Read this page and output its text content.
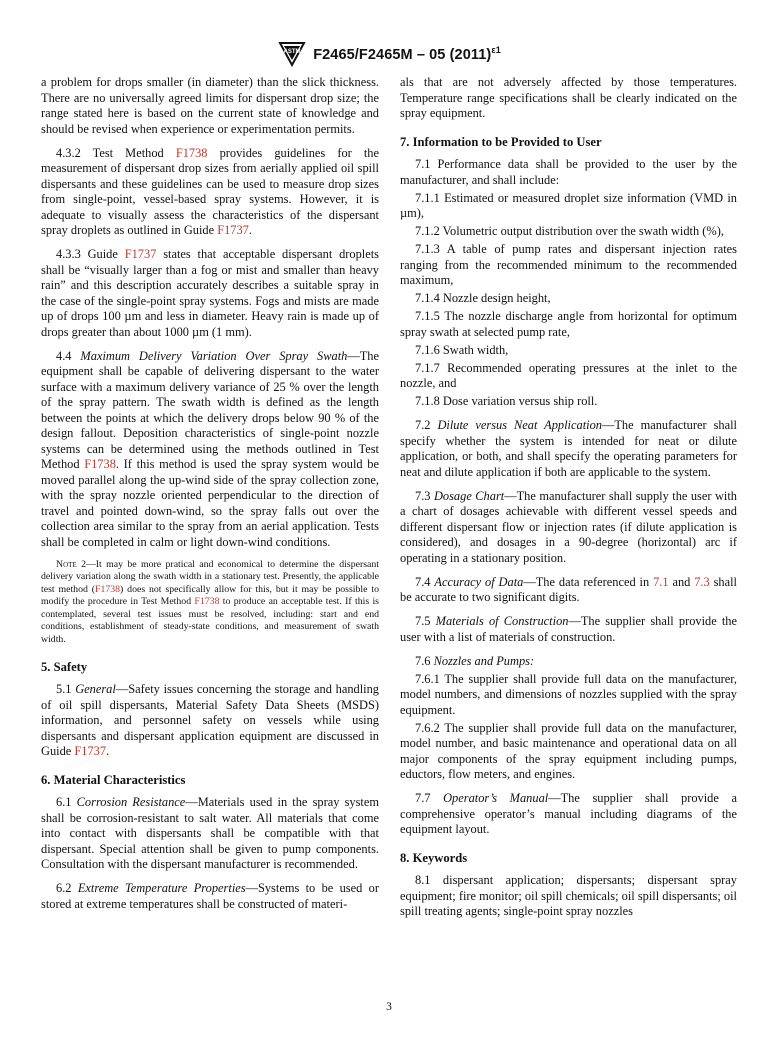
ASTM F2465/F2465M – 05 $(2011)^{\varepsilon 1}$

a problem for drops smaller (in diameter) than the slick thickness. There are no universally agreed limits for dispersant drop size; the range stated here is based on the current state of knowledge and should be revised when experience or experimentation permits.

4.3.2 Test Method F1738 provides guidelines for the measurement of dispersant drop sizes from aerially applied oil spill dispersants and these guidelines can be used to measure drop sizes from single-point, vessel-based spray systems. However, it is adequate to visually assess the characteristics of the dispersant spray droplets as outlined in Guide F1737.

4.3.3 Guide F1737 states that acceptable dispersant droplets shall be “visually larger than a fog or mist and smaller than heavy rain” and this description accurately describes a suitable spray in the case of the single-point spray systems. Fogs and mists are made up of drops 100 µm and less in diameter. Heavy rain is made up of drops greater than about 1000 µm (1 mm).

4.4 Maximum Delivery Variation Over Spray Swath—The equipment shall be capable of delivering dispersant to the water surface with a maximum delivery variance of 25 % over the length of the spray pattern. The swath width is defined as the length between the points at which the delivery drops below 90 % of the design fallout. Deposition characteristics of single-point nozzle systems can be determined using the methods outlined in Test Method F1738. If this method is used the spray system would be moved parallel along the up-wind side of the spray collection zone, with the spray nozzle oriented perpendicular to the direction of travel and pointed down-wind, so the spray falls out over the collection area similar to the spray from an aerial application. Tests shall be completed in calm or light down-wind conditions.

Note 2—It may be more pratical and economical to determine the dispersant delivery variation along the swath width in a stationary test. Presently, the applicable test method (F1738) does not specifically allow for this, but it may be possible to modify the procedure in Test Method F1738 to produce an acceptable test. If this is contemplated, several test issues must be resolved, including: start and end conditions, establishment of steady-state conditions, and measurement of swath width.
5. Safety

5.1 General—Safety issues concerning the storage and handling of oil spill dispersants, Material Safety Data Sheets (MSDS) information, and personnel safety on vessels while using dispersants and dispersant application equipment are discussed in Guide F1737.

6. Material Characteristics

6.1 Corrosion Resistance—Materials used in the spray system shall be corrosion-resistant to salt water. All materials that come into contact with dispersants shall be compatible with that dispersant. Special attention shall be given to pump components. Consultation with the dispersant manufacturer is recommended.

6.2 Extreme Temperature Properties—Systems to be used or stored at extreme temperatures shall be constructed of materi-

als that are not adversely affected by those temperatures. Temperature range specifications shall be clearly indicated on the spray equipment.

7. Information to be Provided to User

7.1 Performance data shall be provided to the user by the manufacturer, and shall include:

7.1.1 Estimated or measured droplet size information (VMD in µm),

7.1.2 Volumetric output distribution over the swath width (%),

7.1.3 A table of pump rates and dispersant injection rates ranging from the recommended minimum to the recommended maximum,

7.1.4 Nozzle design height,

7.1.5 The nozzle discharge angle from horizontal for optimum spray swath at selected pump rate,

7.1.6 Swath width,

7.1.7 Recommended operating pressures at the inlet to the nozzle, and

7.1.8 Dose variation versus ship roll.

7.2 Dilute versus Neat Application—The manufacturer shall specify whether the system is intended for neat or dilute application, or both, and shall specify the operating parameters for neat and dilute application if both are applicable to the system.

7.3 Dosage Chart—The manufacturer shall supply the user with a chart of dosages achievable with different vessel speeds and different dispersant flow or injection rates (if dilute application is considered), and dosages in a 90-degree (horizontal) arc if operating in a stationary position.

7.4 Accuracy of Data—The data referenced in 7.1 and 7.3 shall be accurate to two significant digits.

7.5 Materials of Construction—The supplier shall provide the user with a list of materials of construction.

7.6 Nozzles and Pumps:

7.6.1 The supplier shall provide full data on the manufacturer, model numbers, and dimensions of nozzles supplied with the spray equipment.

7.6.2 The supplier shall provide full data on the manufacturer, model number, and basic maintenance and operational data on all major components of the spray equipment including pumps, eductors, flow meters, and engines.

7.7 Operator’s Manual—The supplier shall provide a comprehensive operator’s manual including diagrams of the equipment layout.

8. Keywords

8.1 dispersant application; dispersants; dispersant spray equipment; fire monitor; oil spill chemicals; oil spill dispersants; oil spill treating agents; single-point spray nozzles

3
